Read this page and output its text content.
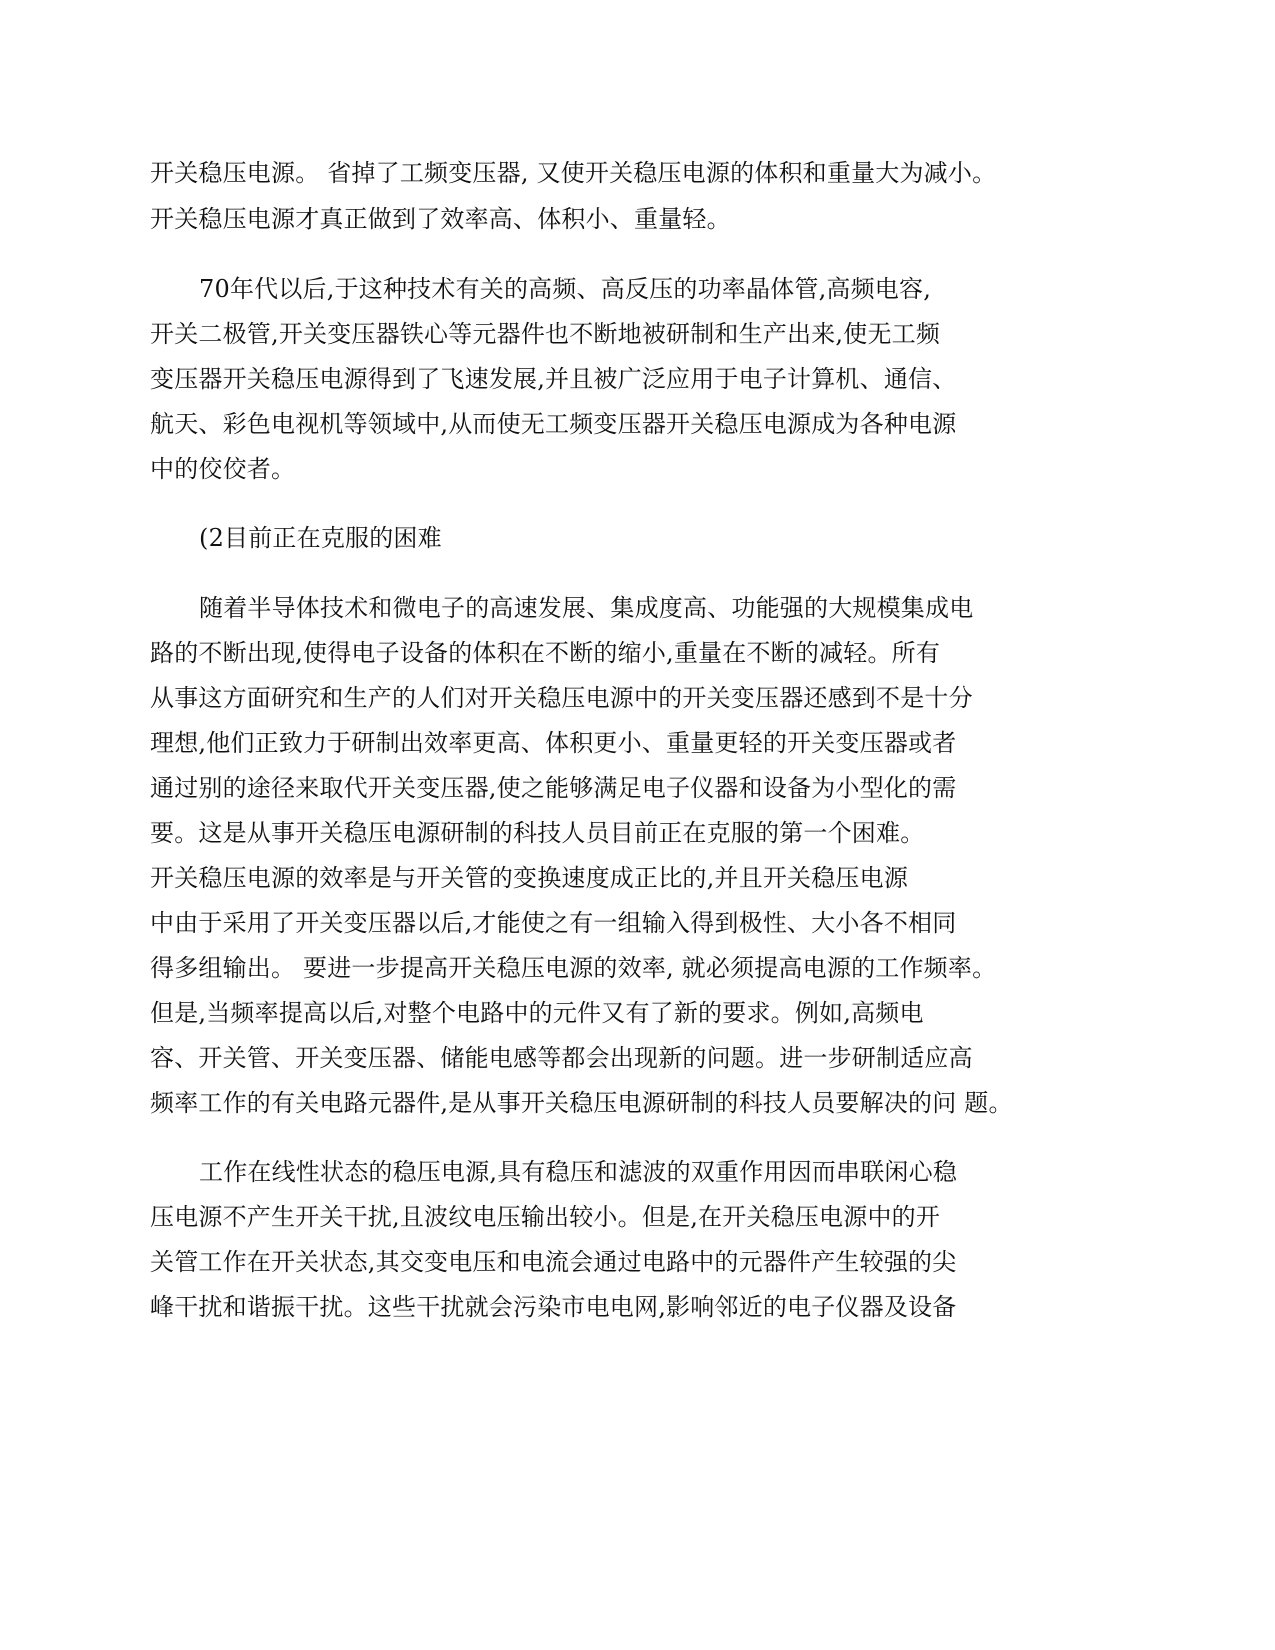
开关稳压电源。 省掉了工频变压器, 又使开关稳压电源的体积和重量大为减小。
开关稳压电源才真正做到了效率高、体积小、重量轻。
70年代以后,于这种技术有关的高频、高反压的功率晶体管,高频电容,
开关二极管,开关变压器铁心等元器件也不断地被研制和生产出来,使无工频
变压器开关稳压电源得到了飞速发展,并且被广泛应用于电子计算机、通信、
航天、彩色电视机等领域中,从而使无工频变压器开关稳压电源成为各种电源
中的佼佼者。
(2目前正在克服的困难
随着半导体技术和微电子的高速发展、集成度高、功能强的大规模集成电
路的不断出现,使得电子设备的体积在不断的缩小,重量在不断的减轻。所有
从事这方面研究和生产的人们对开关稳压电源中的开关变压器还感到不是十分
理想,他们正致力于研制出效率更高、体积更小、重量更轻的开关变压器或者
通过别的途径来取代开关变压器,使之能够满足电子仪器和设备为小型化的需
要。这是从事开关稳压电源研制的科技人员目前正在克服的第一个困难。
开关稳压电源的效率是与开关管的变换速度成正比的,并且开关稳压电源
中由于采用了开关变压器以后,才能使之有一组输入得到极性、大小各不相同
得多组输出。 要进一步提高开关稳压电源的效率, 就必须提高电源的工作频率。
但是,当频率提高以后,对整个电路中的元件又有了新的要求。例如,高频电
容、开关管、开关变压器、储能电感等都会出现新的问题。进一步研制适应高
频率工作的有关电路元器件,是从事开关稳压电源研制的科技人员要解决的问 题。
工作在线性状态的稳压电源,具有稳压和滤波的双重作用因而串联闲心稳
压电源不产生开关干扰,且波纹电压输出较小。但是,在开关稳压电源中的开
关管工作在开关状态,其交变电压和电流会通过电路中的元器件产生较强的尖
峰干扰和谐振干扰。这些干扰就会污染市电电网,影响邻近的电子仪器及设备
